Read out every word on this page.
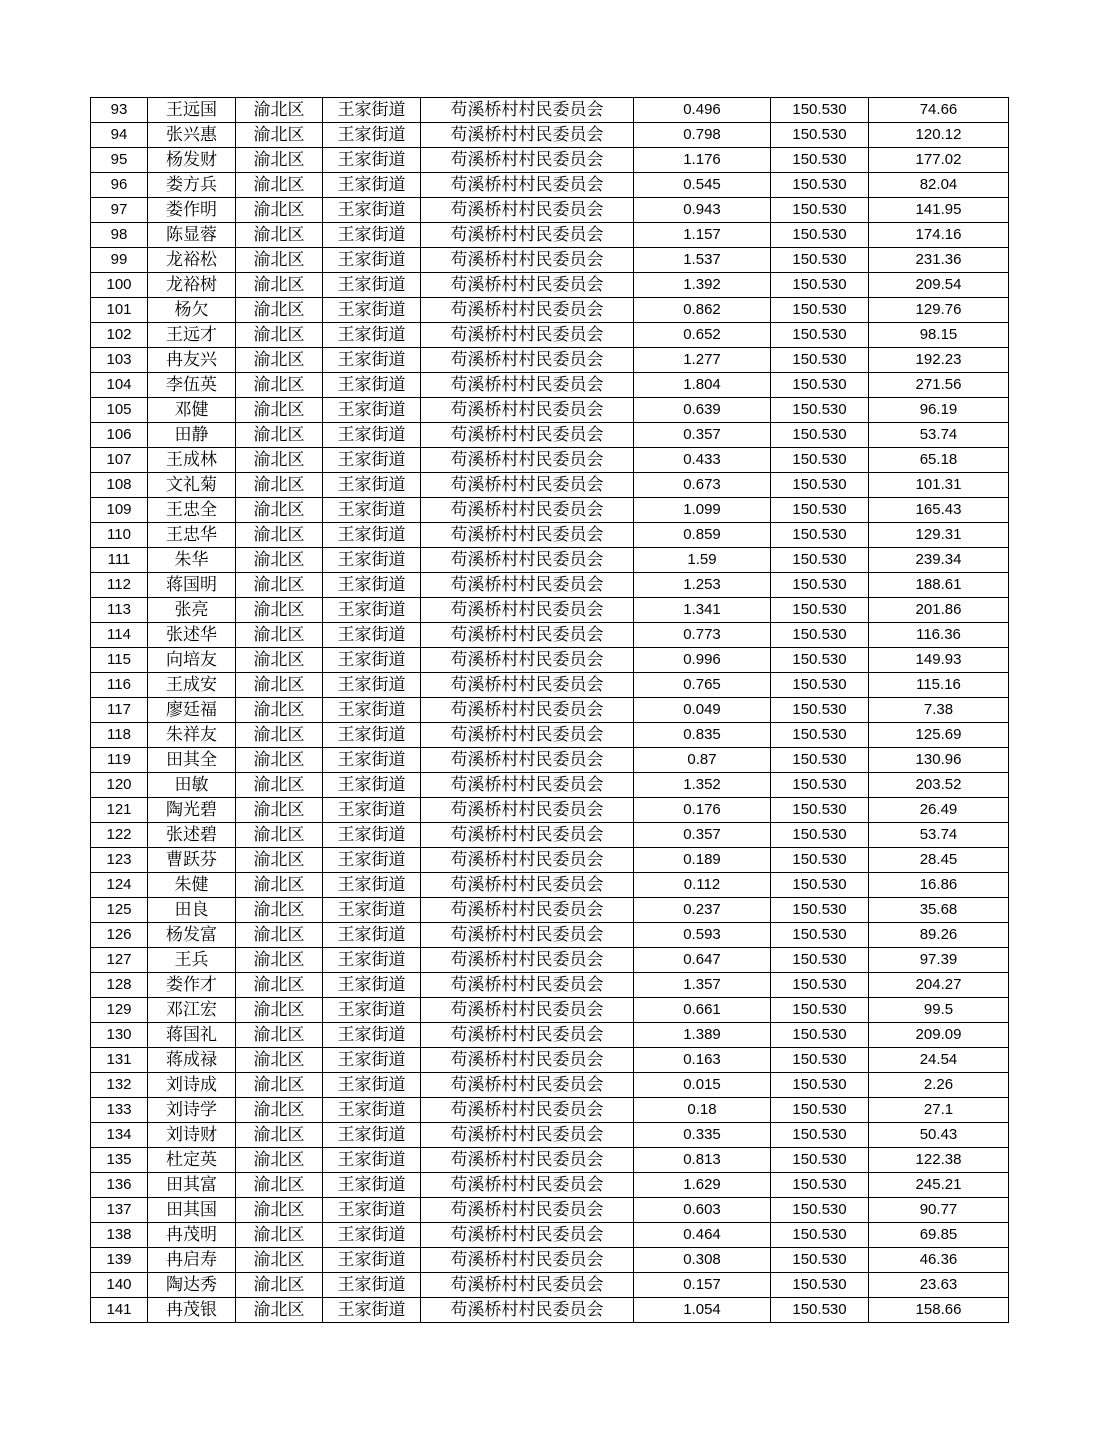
93	王远国	渝北区	王家街道	苟溪桥村村民委员会	0.496	150.530	74.66
94	张兴惠	渝北区	王家街道	苟溪桥村村民委员会	0.798	150.530	120.12
95	杨发财	渝北区	王家街道	苟溪桥村村民委员会	1.176	150.530	177.02
96	娄方兵	渝北区	王家街道	苟溪桥村村民委员会	0.545	150.530	82.04
97	娄作明	渝北区	王家街道	苟溪桥村村民委员会	0.943	150.530	141.95
98	陈显蓉	渝北区	王家街道	苟溪桥村村民委员会	1.157	150.530	174.16
99	龙裕松	渝北区	王家街道	苟溪桥村村民委员会	1.537	150.530	231.36
100	龙裕树	渝北区	王家街道	苟溪桥村村民委员会	1.392	150.530	209.54
101	杨欠	渝北区	王家街道	苟溪桥村村民委员会	0.862	150.530	129.76
102	王远才	渝北区	王家街道	苟溪桥村村民委员会	0.652	150.530	98.15
103	冉友兴	渝北区	王家街道	苟溪桥村村民委员会	1.277	150.530	192.23
104	李伍英	渝北区	王家街道	苟溪桥村村民委员会	1.804	150.530	271.56
105	邓健	渝北区	王家街道	苟溪桥村村民委员会	0.639	150.530	96.19
106	田静	渝北区	王家街道	苟溪桥村村民委员会	0.357	150.530	53.74
107	王成林	渝北区	王家街道	苟溪桥村村民委员会	0.433	150.530	65.18
108	文礼菊	渝北区	王家街道	苟溪桥村村民委员会	0.673	150.530	101.31
109	王忠全	渝北区	王家街道	苟溪桥村村民委员会	1.099	150.530	165.43
110	王忠华	渝北区	王家街道	苟溪桥村村民委员会	0.859	150.530	129.31
111	朱华	渝北区	王家街道	苟溪桥村村民委员会	1.59	150.530	239.34
112	蒋国明	渝北区	王家街道	苟溪桥村村民委员会	1.253	150.530	188.61
113	张亮	渝北区	王家街道	苟溪桥村村民委员会	1.341	150.530	201.86
114	张述华	渝北区	王家街道	苟溪桥村村民委员会	0.773	150.530	116.36
115	向培友	渝北区	王家街道	苟溪桥村村民委员会	0.996	150.530	149.93
116	王成安	渝北区	王家街道	苟溪桥村村民委员会	0.765	150.530	115.16
117	廖廷福	渝北区	王家街道	苟溪桥村村民委员会	0.049	150.530	7.38
118	朱祥友	渝北区	王家街道	苟溪桥村村民委员会	0.835	150.530	125.69
119	田其全	渝北区	王家街道	苟溪桥村村民委员会	0.87	150.530	130.96
120	田敏	渝北区	王家街道	苟溪桥村村民委员会	1.352	150.530	203.52
121	陶光碧	渝北区	王家街道	苟溪桥村村民委员会	0.176	150.530	26.49
122	张述碧	渝北区	王家街道	苟溪桥村村民委员会	0.357	150.530	53.74
123	曹跃芬	渝北区	王家街道	苟溪桥村村民委员会	0.189	150.530	28.45
124	朱健	渝北区	王家街道	苟溪桥村村民委员会	0.112	150.530	16.86
125	田良	渝北区	王家街道	苟溪桥村村民委员会	0.237	150.530	35.68
126	杨发富	渝北区	王家街道	苟溪桥村村民委员会	0.593	150.530	89.26
127	王兵	渝北区	王家街道	苟溪桥村村民委员会	0.647	150.530	97.39
128	娄作才	渝北区	王家街道	苟溪桥村村民委员会	1.357	150.530	204.27
129	邓江宏	渝北区	王家街道	苟溪桥村村民委员会	0.661	150.530	99.5
130	蒋国礼	渝北区	王家街道	苟溪桥村村民委员会	1.389	150.530	209.09
131	蒋成禄	渝北区	王家街道	苟溪桥村村民委员会	0.163	150.530	24.54
132	刘诗成	渝北区	王家街道	苟溪桥村村民委员会	0.015	150.530	2.26
133	刘诗学	渝北区	王家街道	苟溪桥村村民委员会	0.18	150.530	27.1
134	刘诗财	渝北区	王家街道	苟溪桥村村民委员会	0.335	150.530	50.43
135	杜定英	渝北区	王家街道	苟溪桥村村民委员会	0.813	150.530	122.38
136	田其富	渝北区	王家街道	苟溪桥村村民委员会	1.629	150.530	245.21
137	田其国	渝北区	王家街道	苟溪桥村村民委员会	0.603	150.530	90.77
138	冉茂明	渝北区	王家街道	苟溪桥村村民委员会	0.464	150.530	69.85
139	冉启寿	渝北区	王家街道	苟溪桥村村民委员会	0.308	150.530	46.36
140	陶达秀	渝北区	王家街道	苟溪桥村村民委员会	0.157	150.530	23.63
141	冉茂银	渝北区	王家街道	苟溪桥村村民委员会	1.054	150.530	158.66
